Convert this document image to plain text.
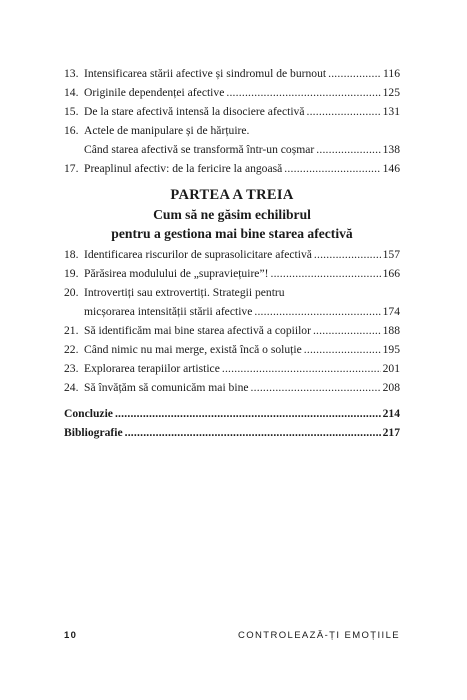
13. Intensificarea stării afective și sindromul de burnout .....	116
14. Originile dependenței afective .....	125
15. De la stare afectivă intensă la disociere afectivă .....	131
16. Actele de manipulare și de hărțuire.
Când starea afectivă se transformă într-un coșmar .....	138
17. Preaplinul afectiv: de la fericire la angoasă .....	146
PARTEA A TREIA
Cum să ne găsim echilibrul
pentru a gestiona mai bine starea afectivă
18. Identificarea riscurilor de suprasolicitare afectivă .....	157
19. Părăsirea modulului de „supraviețuire”! .....	166
20. Introvertiți sau extrovertiți. Strategii pentru
micșorarea intensității stării afective .....	174
21. Să identificăm mai bine starea afectivă a copiilor .....	188
22. Când nimic nu mai merge, există încă o soluție .....	195
23. Explorarea terapiilor artistice .....	201
24. Să învățăm să comunicăm mai bine .....	208
Concluzie .....	214
Bibliografie .....	217
10	CONTROLEAZĂ-ȚI EMOȚIILE
